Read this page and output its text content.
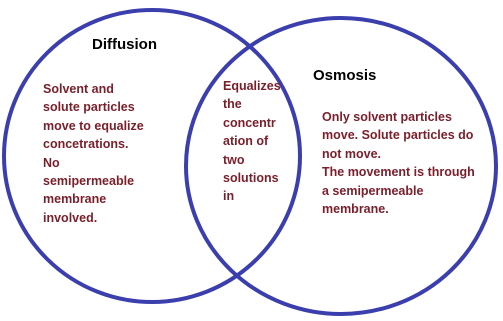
Diffusion
Solvent and
solute particles
move to equalize
concetrations.
No
semipermeable
membrane
involved.
Equalizes
the
concentr
ation of
two
solutions
in
Osmosis
Only solvent particles
move. Solute particles do
not move.
The movement is through
a semipermeable
membrane.
